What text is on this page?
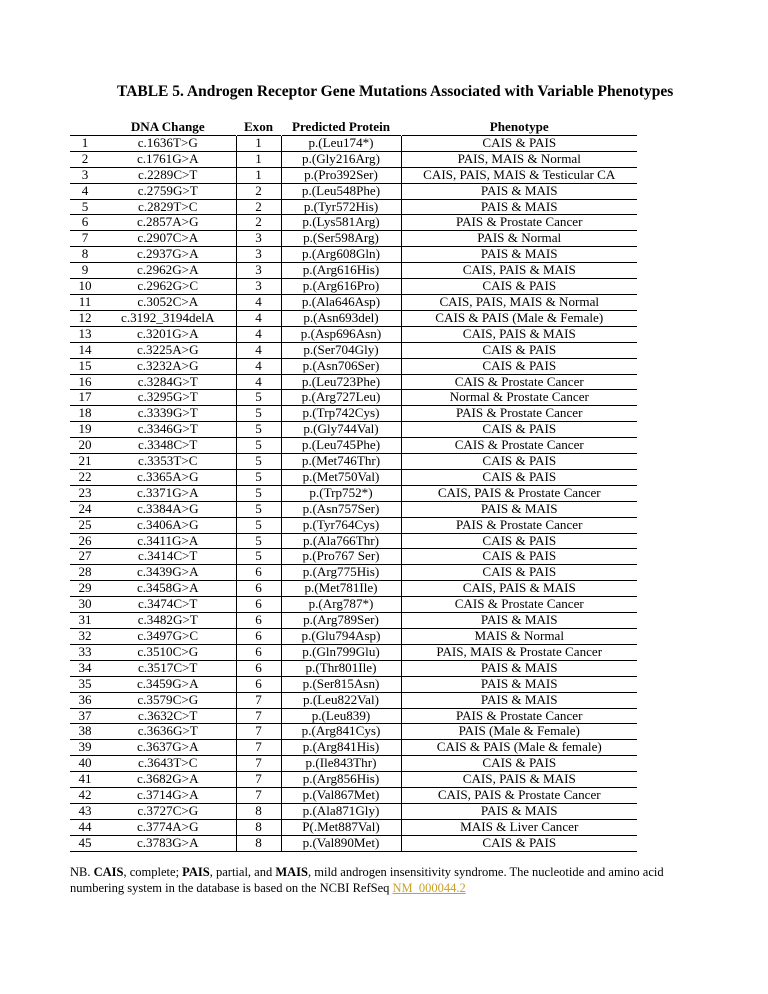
TABLE 5. Androgen Receptor Gene Mutations Associated with Variable Phenotypes
	DNA Change	Exon	Predicted Protein	Phenotype
1	c.1636T>G	1	p.(Leu174*)	CAIS & PAIS
2	c.1761G>A	1	p.(Gly216Arg)	PAIS, MAIS & Normal
3	c.2289C>T	1	p.(Pro392Ser)	CAIS, PAIS, MAIS & Testicular CA
4	c.2759G>T	2	p.(Leu548Phe)	PAIS & MAIS
5	c.2829T>C	2	p.(Tyr572His)	PAIS & MAIS
6	c.2857A>G	2	p.(Lys581Arg)	PAIS & Prostate Cancer
7	c.2907C>A	3	p.(Ser598Arg)	PAIS & Normal
8	c.2937G>A	3	p.(Arg608Gln)	PAIS & MAIS
9	c.2962G>A	3	p.(Arg616His)	CAIS, PAIS & MAIS
10	c.2962G>C	3	p.(Arg616Pro)	CAIS & PAIS
11	c.3052C>A	4	p.(Ala646Asp)	CAIS, PAIS, MAIS & Normal
12	c.3192_3194delA	4	p.(Asn693del)	CAIS & PAIS (Male & Female)
13	c.3201G>A	4	p.(Asp696Asn)	CAIS, PAIS & MAIS
14	c.3225A>G	4	p.(Ser704Gly)	CAIS & PAIS
15	c.3232A>G	4	p.(Asn706Ser)	CAIS & PAIS
16	c.3284G>T	4	p.(Leu723Phe)	CAIS & Prostate Cancer
17	c.3295G>T	5	p.(Arg727Leu)	Normal & Prostate Cancer
18	c.3339G>T	5	p.(Trp742Cys)	PAIS & Prostate Cancer
19	c.3346G>T	5	p.(Gly744Val)	CAIS & PAIS
20	c.3348C>T	5	p.(Leu745Phe)	CAIS & Prostate Cancer
21	c.3353T>C	5	p.(Met746Thr)	CAIS & PAIS
22	c.3365A>G	5	p.(Met750Val)	CAIS & PAIS
23	c.3371G>A	5	p.(Trp752*)	CAIS, PAIS & Prostate Cancer
24	c.3384A>G	5	p.(Asn757Ser)	PAIS & MAIS
25	c.3406A>G	5	p.(Tyr764Cys)	PAIS & Prostate Cancer
26	c.3411G>A	5	p.(Ala766Thr)	CAIS & PAIS
27	c.3414C>T	5	p.(Pro767 Ser)	CAIS & PAIS
28	c.3439G>A	6	p.(Arg775His)	CAIS & PAIS
29	c.3458G>A	6	p.(Met781Ile)	CAIS, PAIS & MAIS
30	c.3474C>T	6	p.(Arg787*)	CAIS & Prostate Cancer
31	c.3482G>T	6	p.(Arg789Ser)	PAIS & MAIS
32	c.3497G>C	6	p.(Glu794Asp)	MAIS & Normal
33	c.3510C>G	6	p.(Gln799Glu)	PAIS, MAIS & Prostate Cancer
34	c.3517C>T	6	p.(Thr801Ile)	PAIS & MAIS
35	c.3459G>A	6	p.(Ser815Asn)	PAIS & MAIS
36	c.3579C>G	7	p.(Leu822Val)	PAIS & MAIS
37	c.3632C>T	7	p.(Leu839)	PAIS & Prostate Cancer
38	c.3636G>T	7	p.(Arg841Cys)	PAIS (Male & Female)
39	c.3637G>A	7	p.(Arg841His)	CAIS & PAIS (Male & female)
40	c.3643T>C	7	p.(Ile843Thr)	CAIS & PAIS
41	c.3682G>A	7	p.(Arg856His)	CAIS, PAIS & MAIS
42	c.3714G>A	7	p.(Val867Met)	CAIS, PAIS & Prostate Cancer
43	c.3727C>G	8	p.(Ala871Gly)	PAIS & MAIS
44	c.3774A>G	8	P(.Met887Val)	MAIS & Liver Cancer
45	c.3783G>A	8	p.(Val890Met)	CAIS & PAIS
NB. CAIS, complete; PAIS, partial, and MAIS, mild androgen insensitivity syndrome. The nucleotide and amino acid numbering system in the database is based on the NCBI RefSeq NM_000044.2
